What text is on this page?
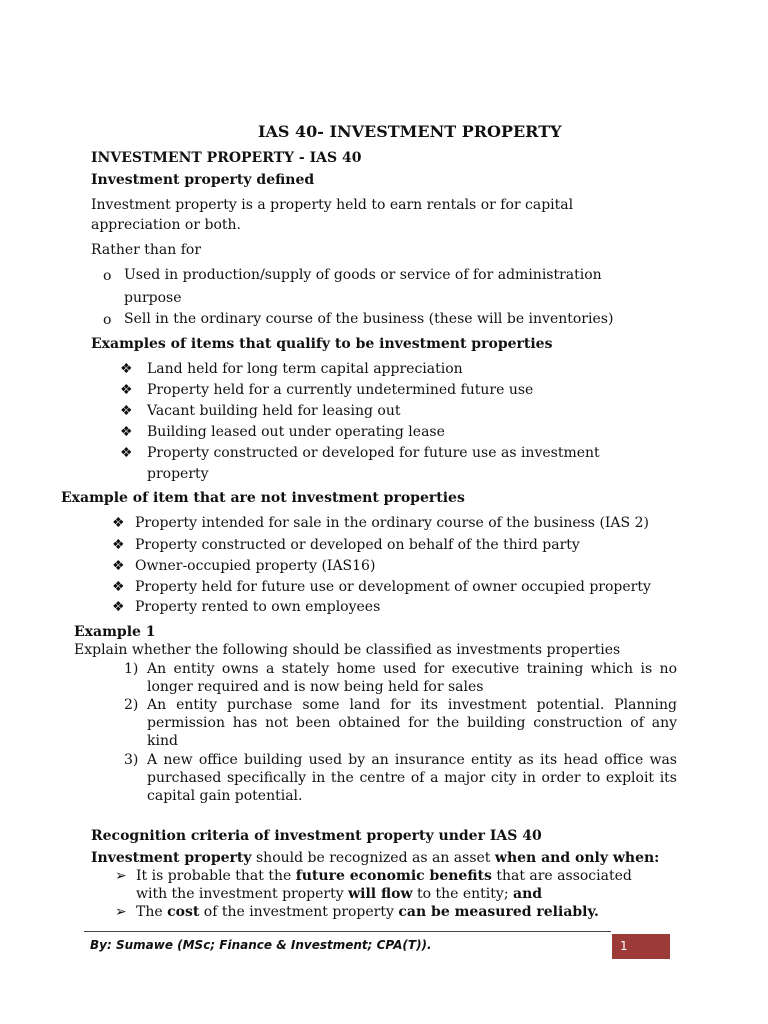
IAS 40- INVESTMENT PROPERTY
INVESTMENT PROPERTY - IAS 40
Investment property defined
Investment property is a property held to earn rentals or for capital
appreciation or both.
Rather than for
o Used in production/supply of goods or service of for administration
purpose
o Sell in the ordinary course of the business (these will be inventories)
Examples of items that qualify to be investment properties
❖ Land held for long term capital appreciation
❖ Property held for a currently undetermined future use
❖ Vacant building held for leasing out
❖ Building leased out under operating lease
❖ Property constructed or developed for future use as investment
property
Example of item that are not investment properties
❖ Property intended for sale in the ordinary course of the business (IAS 2)
❖ Property constructed or developed on behalf of the third party
❖ Owner-occupied property (IAS16)
❖ Property held for future use or development of owner occupied property
❖ Property rented to own employees
Example 1
Explain whether the following should be classified as investments properties
1) An entity owns a stately home used for executive training which is no
longer required and is now being held for sales
2) An entity purchase some land for its investment potential. Planning
permission has not been obtained for the building construction of any
kind
3) A new office building used by an insurance entity as its head office was
purchased specifically in the centre of a major city in order to exploit its
capital gain potential.
Recognition criteria of investment property under IAS 40
Investment property should be recognized as an asset when and only when:
➢ It is probable that the future economic benefits that are associated
with the investment property will flow to the entity; and
➢ The cost of the investment property can be measured reliably.
By: Sumawe (MSc; Finance & Investment; CPA(T)).	1
